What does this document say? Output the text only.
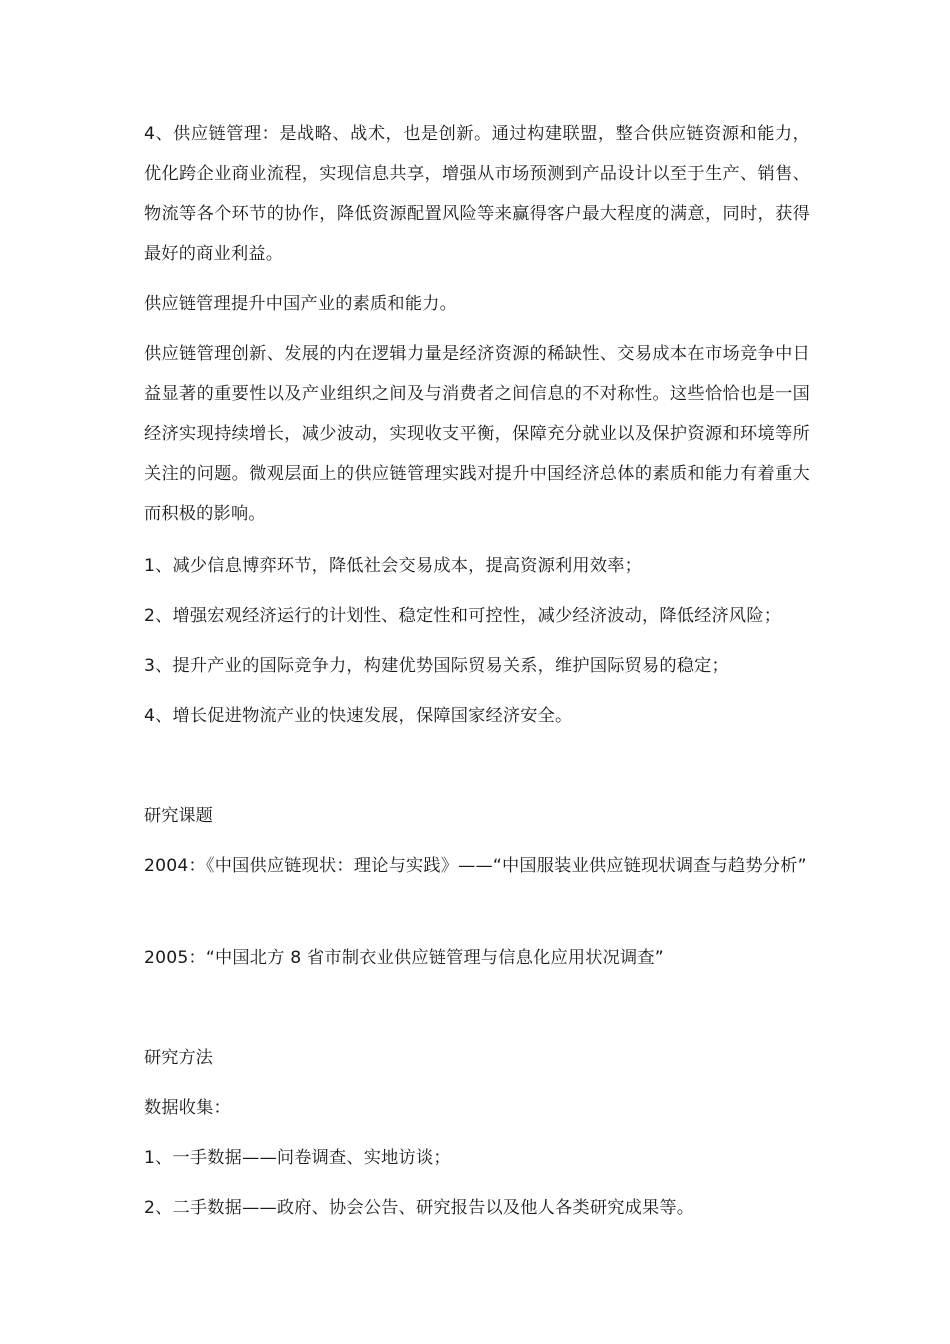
4、供应链管理：是战略、战术，也是创新。通过构建联盟，整合供应链资源和能力，优化跨企业商业流程，实现信息共享，增强从市场预测到产品设计以至于生产、销售、物流等各个环节的协作，降低资源配置风险等来赢得客户最大程度的满意，同时，获得最好的商业利益。

供应链管理提升中国产业的素质和能力。

供应链管理创新、发展的内在逻辑力量是经济资源的稀缺性、交易成本在市场竞争中日益显著的重要性以及产业组织之间及与消费者之间信息的不对称性。这些恰恰也是一国经济实现持续增长，减少波动，实现收支平衡，保障充分就业以及保护资源和环境等所关注的问题。微观层面上的供应链管理实践对提升中国经济总体的素质和能力有着重大而积极的影响。

1、减少信息博弈环节，降低社会交易成本，提高资源利用效率；

2、增强宏观经济运行的计划性、稳定性和可控性，减少经济波动，降低经济风险；

3、提升产业的国际竞争力，构建优势国际贸易关系，维护国际贸易的稳定；

4、增长促进物流产业的快速发展，保障国家经济安全。

研究课题

2004：《中国供应链现状：理论与实践》——“中国服装业供应链现状调查与趋势分析”

2005：“中国北方 8 省市制衣业供应链管理与信息化应用状况调查”

研究方法

数据收集：

1、一手数据——问卷调查、实地访谈；

2、二手数据——政府、协会公告、研究报告以及他人各类研究成果等。
